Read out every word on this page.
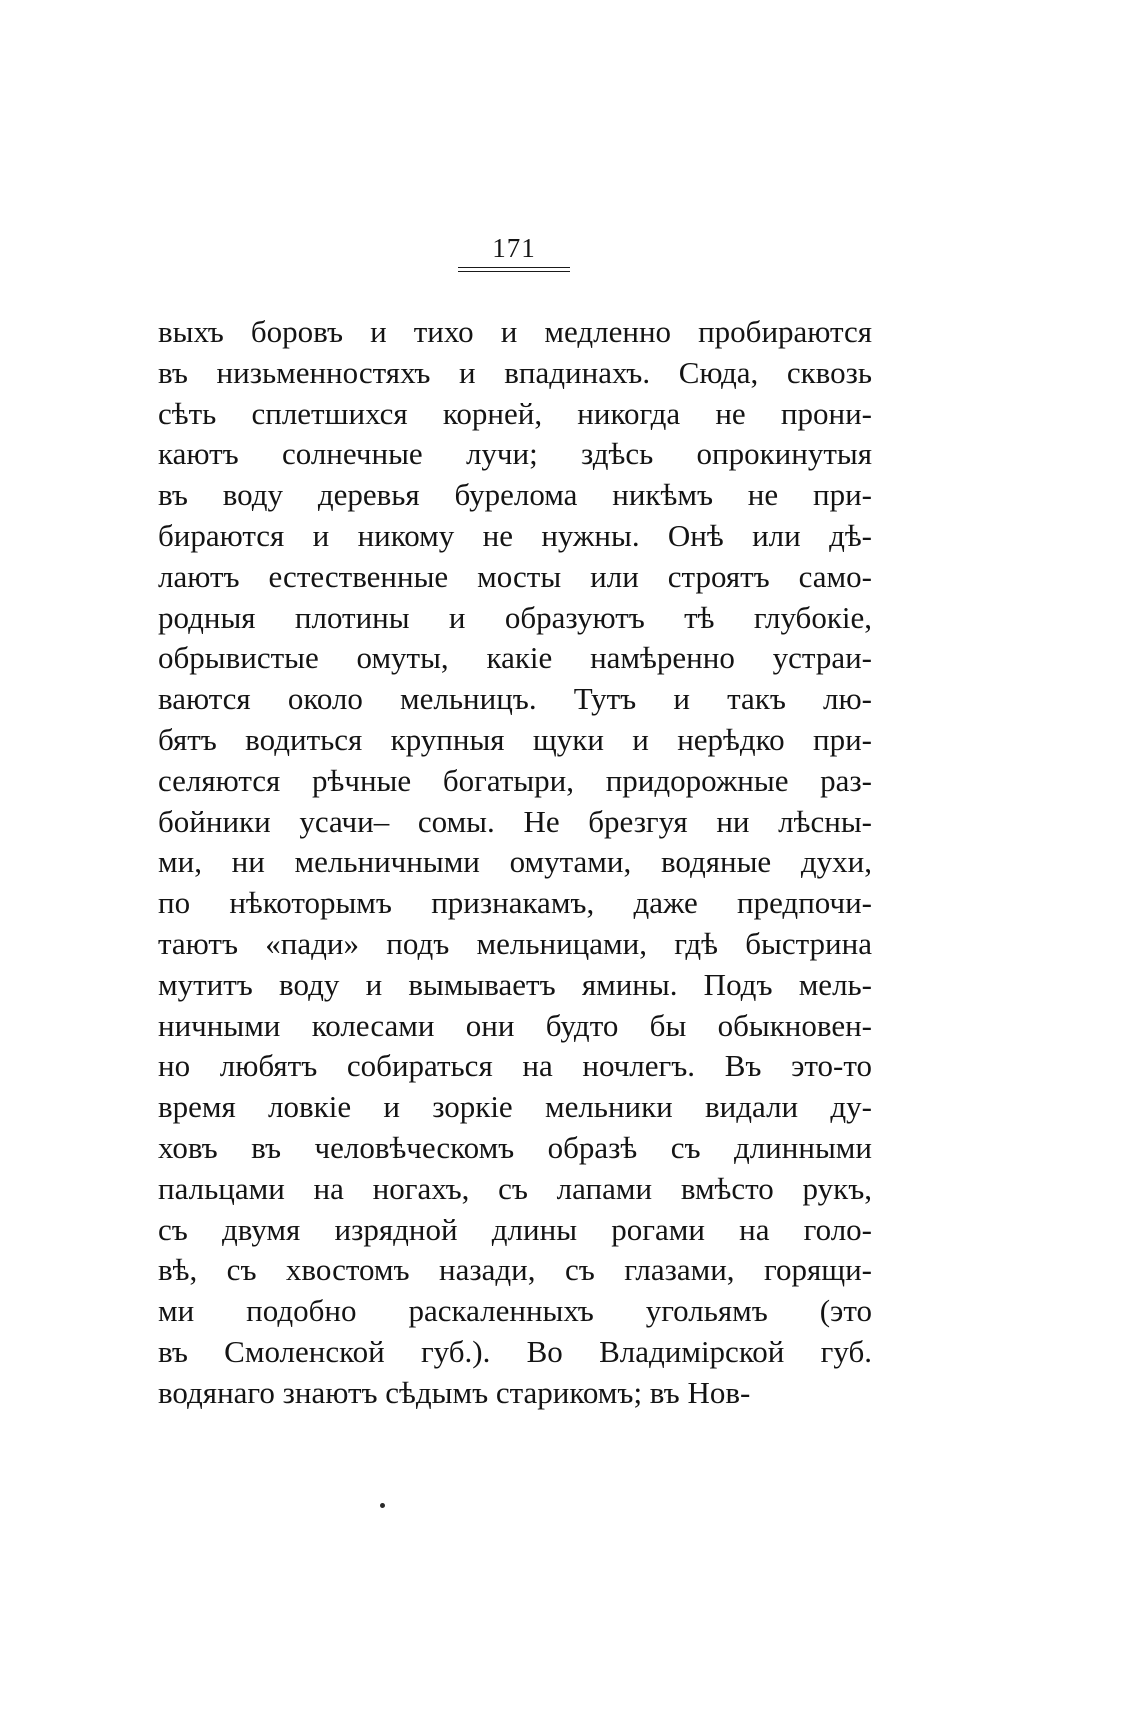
171
выхъ боровъ и тихо и медленно пробираются
въ низьменностяхъ и впадинахъ. Сюда, сквозь
сѣть сплетшихся корней, никогда не прони-
каютъ солнечные лучи; здѣсь опрокинутыя
въ воду деревья бурелома никѣмъ не при-
бираются и никому не нужны. Онѣ или дѣ-
лаютъ естественные мосты или строятъ само-
родныя плотины и образуютъ тѣ глубокіе,
обрывистые омуты, какіе намѣренно устраи-
ваются около мельницъ. Тутъ и такъ лю-
бятъ водиться крупныя щуки и нерѣдко при-
селяются рѣчные богатыри, придорожные раз-
бойники усачи– сомы. Не брезгуя ни лѣсны-
ми, ни мельничными омутами, водяные духи,
по нѣкоторымъ признакамъ, даже предпочи-
таютъ «пади» подъ мельницами, гдѣ быстрина
мутитъ воду и вымываетъ ямины. Подъ мель-
ничными колесами они будто бы обыкновен-
но любятъ собираться на ночлегъ. Въ это-то
время ловкіе и зоркіе мельники видали ду-
ховъ въ человѣческомъ образѣ съ длинными
пальцами на ногахъ, съ лапами вмѣсто рукъ,
съ двумя изрядной длины рогами на голо-
вѣ, съ хвостомъ назади, съ глазами, горящи-
ми подобно раскаленныхъ угольямъ (это
въ Смоленской губ.). Во Владимірской губ.
водянаго знаютъ сѣдымъ старикомъ; въ Нов-
